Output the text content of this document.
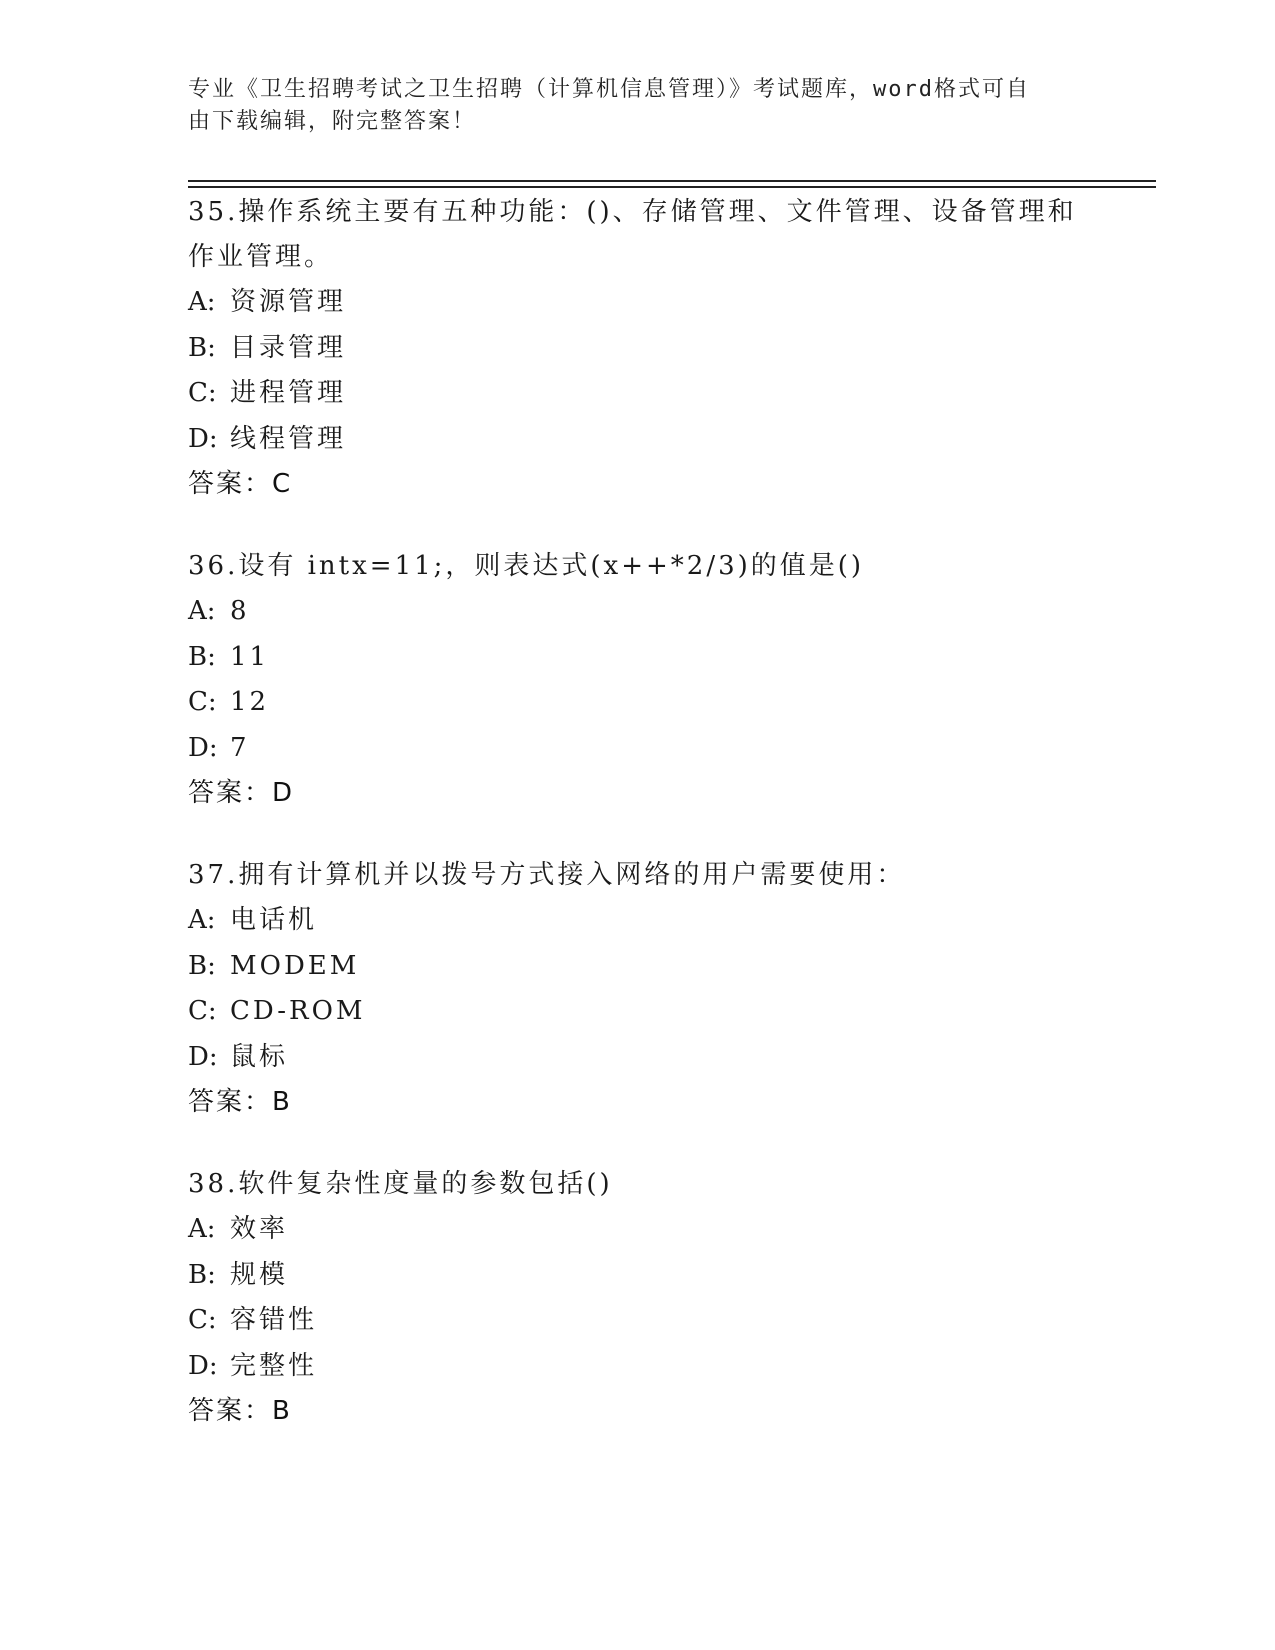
专业《卫生招聘考试之卫生招聘（计算机信息管理）》考试题库，word格式可自
由下载编辑，附完整答案！
35.操作系统主要有五种功能：()、存储管理、文件管理、设备管理和
作业管理。
A: 资源管理
B: 目录管理
C: 进程管理
D: 线程管理
答案：C
36.设有 intx=11;，则表达式(x++*2/3)的值是()
A: 8
B: 11
C: 12
D: 7
答案：D
37.拥有计算机并以拨号方式接入网络的用户需要使用：
A: 电话机
B: MODEM
C: CD-ROM
D: 鼠标
答案：B
38.软件复杂性度量的参数包括()
A: 效率
B: 规模
C: 容错性
D: 完整性
答案：B
